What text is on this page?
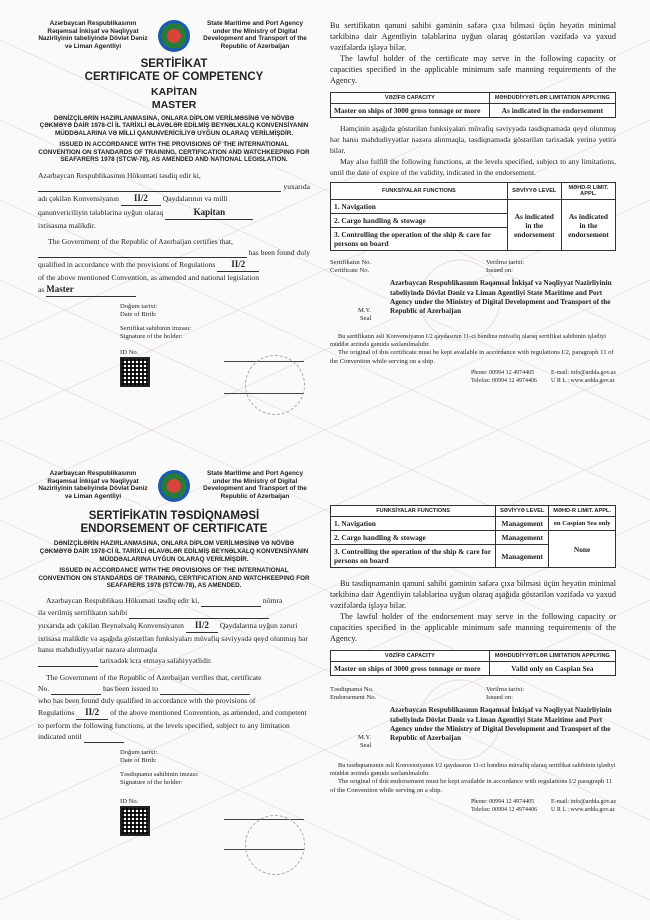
Azərbaycan Respublikasının Rəqəmsal İnkişaf və Nəqliyyat Nazirliyinin tabeliyində Dövlət Dəniz və Liman Agentliyi
State Maritime and Port Agency under the Ministry of Digital Development and Transport of the Republic of Azerbaijan
SERTİFİKAT
CERTIFICATE OF COMPETENCY
KAPİTAN
MASTER
DƏNİZÇİLƏRİN HAZIRLANMASINA, ONLARA DİPLOM VERİLMƏSİNƏ VƏ NÖVBƏ ÇƏKMƏYƏ DAİR 1978-Cİ İL TARİXLİ ƏLAVƏLƏR EDİLMİŞ BEYNƏLXALQ KONVENSİYANIN MÜDDƏALARINA VƏ MİLLİ QANUNVERİCİLİYƏ UYĞUN OLARAQ VERİLMİŞDİR.
ISSUED IN ACCORDANCE WITH THE PROVISIONS OF THE INTERNATIONAL CONVENTION ON STANDARDS OF TRAINING, CERTIFICATION AND WATCHKEEPING FOR SEAFARERS 1978 (STCW-78), AS AMENDED AND NATIONAL LEGISLATION.
Azərbaycan Respublikasının Hökuməti təsdiq edir ki,
yuxarıda
adı çəkilən Konvensiyanın II/2 Qaydalarının və milli
qanunvericiliyin tələblərinə uyğun olaraq	Kapitan
ixtisasına malikdir.
The Government of the Republic of Azerbaijan certifies that,
has been found duly
qualified in accordance with the provisions of Regulations II/2
of the above mentioned Convention, as amended and national legislation
as Master
Doğum tarixi:
Date of Birth:
Sertifikat sahibinin imzası:
Signature of the holder:
ID No.
Bu sertifikatın qanuni sahibi gəminin səfərə çıxa bilməsi üçün heyətin minimal tərkibinə dair Agentliyin tələblərinə uyğun olaraq göstərilən vəzifədə və yaxud vəzifələrdə işləyə bilər.
The lawful holder of the certificate may serve in the following capacity or capacities specified in the applicable minimum safe manning requirements of the Agency.
VƏZİFƏ CAPACITY	MƏHDUDİYYƏTLƏR LIMITATION APPLYING
Master on ships of 3000 gross tonnage or more	As indicated in the endorsement
Həmçinin aşağıda göstərilən funksiyaları müvafiq səviyyədə təsdiqnamədə qeyd olunmuş hər hansı məhdudiyyətlər nəzərə alınmaqla, təsdiqnamədə göstərilən tarixədək yerinə yetirə bilər.
May also fulfill the following functions, at the levels specified, subject to any limitations, until the date of expire of the validity, indicated in the endorsement.
FUNKSİYALAR FUNCTIONS	SƏVİYYƏ LEVEL	MƏHD-R LIMIT. APPL.
1. Navigation	As indicated in the endorsement	As indicated in the endorsement
2. Cargo handling & stowage		
3. Controlling the operation of the ship & care for persons on board		
Sertifikatın No.
Certificate No.
Verilmə tarixi:
Issued on:
M.Y.
Seal
Azərbaycan Respublikasının Rəqəmsal İnkişaf və Nəqliyyat Nazirliyinin tabeliyində Dövlət Dəniz və Liman Agentliyi State Maritime and Port Agency under the Ministry of Digital Development and Transport of the Republic of Azerbaijan
Bu sertifikatın əsli Konvensiyanın I/2 qaydasının 11-ci bəndinə müvafiq olaraq sertifikat sahibinin işlədiyi müddət ərzində gəmidə saxlanılmalıdır.
The original of this certificate must be kept available in accordance with regulations I/2, paragraph 11 of the Convention while serving on a ship.
Phone: 00994 12 4974405
Telefax: 00994 12 4974406
E-mail: info@ardda.gov.az
U R L : www.ardda.gov.az
Azərbaycan Respublikasının Rəqəmsal İnkişaf və Nəqliyyat Nazirliyinin tabeliyində Dövlət Dəniz və Liman Agentliyi
State Maritime and Port Agency under the Ministry of Digital Development and Transport of the Republic of Azerbaijan
SERTİFİKATIN TƏSDİQNAMƏSİ
ENDORSEMENT OF CERTIFICATE
DƏNİZÇİLƏRİN HAZIRLANMASINA, ONLARA DİPLOM VERİLMƏSİNƏ VƏ NÖVBƏ ÇƏKMƏYƏ DAİR 1978-Cİ İL TARİXLİ ƏLAVƏLƏR EDİLMİŞ BEYNƏLXALQ KONVENSİYANIN MÜDDƏALARINA UYĞUN OLARAQ VERİLMİŞDİR.
ISSUED IN ACCORDANCE WITH THE PROVISIONS OF THE INTERNATIONAL CONVENTION ON STANDARDS OF TRAINING, CERTIFICATION AND WATCHKEEPING FOR SEAFARERS 1978 (STCW-78), AS AMENDED.
Azərbaycan Respublikası Hökuməti təsdiq edir ki,	nömrə
ilə verilmiş sertifikatın sahibi
yuxarıda adı çəkilən Beynəlxalq Konvensiyanın II/2 Qaydalarına uyğun zəruri ixtisasa malikdir və aşağıda göstərilən funksiyaları müvafiq səviyyədə qeyd olunmuş hər hansı məhdudiyyətlər nəzərə alınmaqla
tarixədək icra etməyə səlahiyyətlidir.
The Government of the Republic of Azerbaijan verifies that, certificate
No.	has been issued to
who has been found duly qualified in accordance with the provisions of
Regulations II/2 of the above mentioned Convention, as amended, and competent to perform the following functions, at the levels specified, subject to any limitation indicated until
Doğum tarixi:
Date of Birth:
Təsdiqnamə sahibinin imzası:
Signature of the holder:
ID No.
FUNKSİYALAR FUNCTIONS	SƏVİYYƏ LEVEL	MƏHD-R LIMIT. APPL.
1. Navigation	Management	on Caspian Sea only
2. Cargo handling & stowage	Management	None
3. Controlling the operation of the ship & care for persons on board	Management	
Bu təsdiqnamənin qanuni sahibi gəminin səfərə çıxa bilməsi üçün heyətin minimal tərkibinə dair Agentliyin tələblərinə uyğun olaraq aşağıda göstərilən vəzifədə və yaxud vəzifələrdə işləyə bilər.
The lawful holder of the endorsement may serve in the following capacity or capacities specified in the applicable minimum safe manning requirements of the Agency.
VƏZİFƏ CAPACITY	MƏHDUDİYYƏTLƏR LIMITATION APPLYING
Master on ships of 3000 gross tonnage or more	Valid only on Caspian Sea
Təsdiqnamə No.
Endorsement No.
Verilmə tarixi:
Issued on:
M.Y.
Seal
Azərbaycan Respublikasının Rəqəmsal İnkişaf və Nəqliyyat Nazirliyinin tabeliyində Dövlət Dəniz və Liman Agentliyi State Maritime and Port Agency under the Ministry of Digital Development and Transport of the Republic of Azerbaijan
Bu təsdiqnamənin əsli Konvensiyanın I/2 qaydasının 11-ci bəndinə müvafiq olaraq sertifikat sahibinin işlədiyi müddət ərzində gəmidə saxlanılmalıdır.
The original of this endorsement must be kept available in accordance with regulations I/2 paragraph 11 of the Convention while serving on a ship.
Phone: 00994 12 4974405
Telefax: 00994 12 4974406
E-mail: info@ardda.gov.az
U R L : www.ardda.gov.az
